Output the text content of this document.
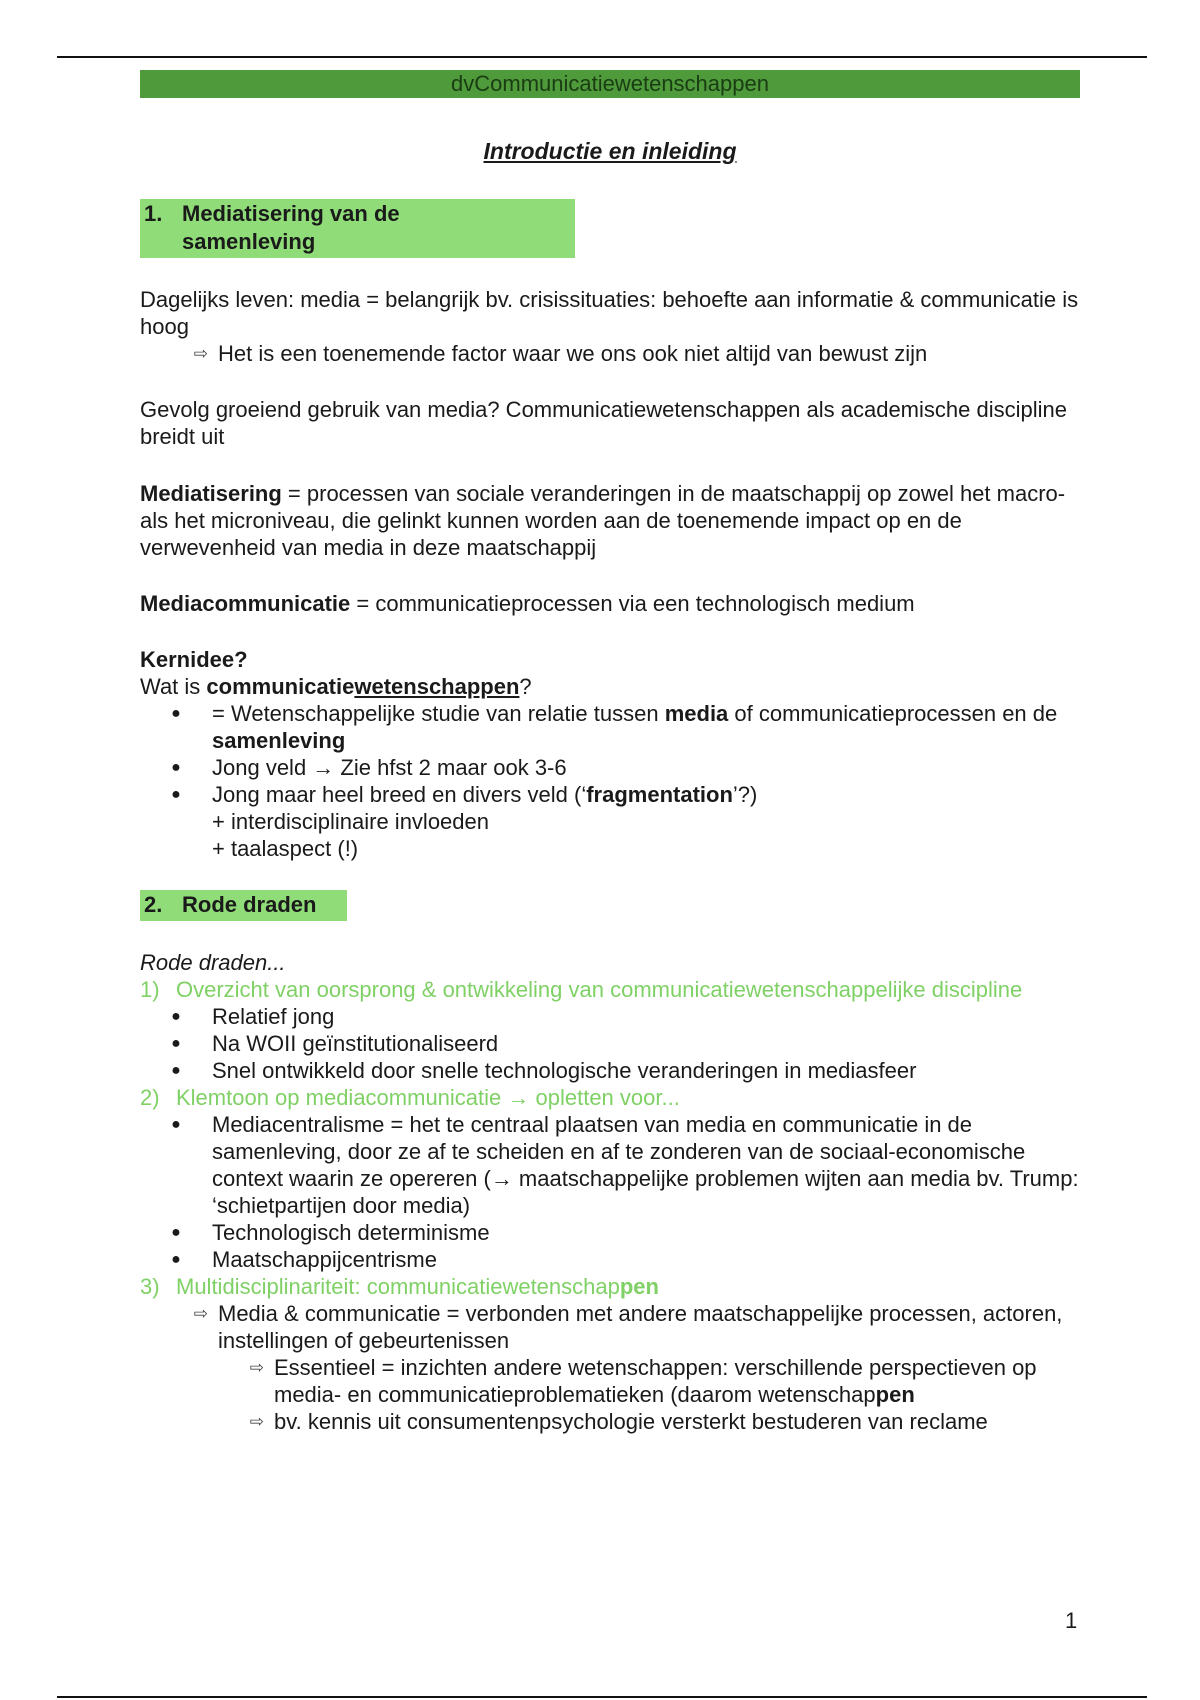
dvCommunicatiewetenschappen
Introductie en inleiding
1. Mediatisering van de samenleving

Dagelijks leven: media = belangrijk bv. crisissituaties: behoefte aan informatie & communicatie is hoog

⇨ Het is een toenemende factor waar we ons ook niet altijd van bewust zijn

Gevolg groeiend gebruik van media? Communicatiewetenschappen als academische discipline breidt uit

Mediatisering = processen van sociale veranderingen in de maatschappij op zowel het macro- als het microniveau, die gelinkt kunnen worden aan de toenemende impact op en de verwevenheid van media in deze maatschappij

Mediacommunicatie = communicatieprocessen via een technologisch medium

Kernidee?

Wat is communicatiewetenschappen?

●	= Wetenschappelijke studie van relatie tussen media of communicatieprocessen en de samenleving
●	Jong veld → Zie hfst 2 maar ook 3-6
●	Jong maar heel breed en divers veld (‘fragmentation’?)

+ interdisciplinaire invloeden

+ taalaspect (!)

2. Rode draden

Rode draden...

1) Overzicht van oorsprong & ontwikkeling van communicatiewetenschappelijke discipline
●	Relatief jong
●	Na WOII geïnstitutionaliseerd
●	Snel ontwikkeld door snelle technologische veranderingen in mediasfeer
2) Klemtoon op mediacommunicatie → opletten voor...
●	Mediacentralisme = het te centraal plaatsen van media en communicatie in de samenleving, door ze af te scheiden en af te zonderen van de sociaal-economische context waarin ze opereren (→ maatschappelijke problemen wijten aan media bv. Trump: ‘schietpartijen door media)
●	Technologisch determinisme
●	Maatschappijcentrisme
3) Multidisciplinariteit: communicatiewetenschappen
⇨ Media & communicatie = verbonden met andere maatschappelijke processen, actoren, instellingen of gebeurtenissen
⇨ Essentieel = inzichten andere wetenschappen: verschillende perspectieven op media- en communicatieproblematieken (daarom wetenschappen
⇨ bv. kennis uit consumentenpsychologie versterkt bestuderen van reclame
1
